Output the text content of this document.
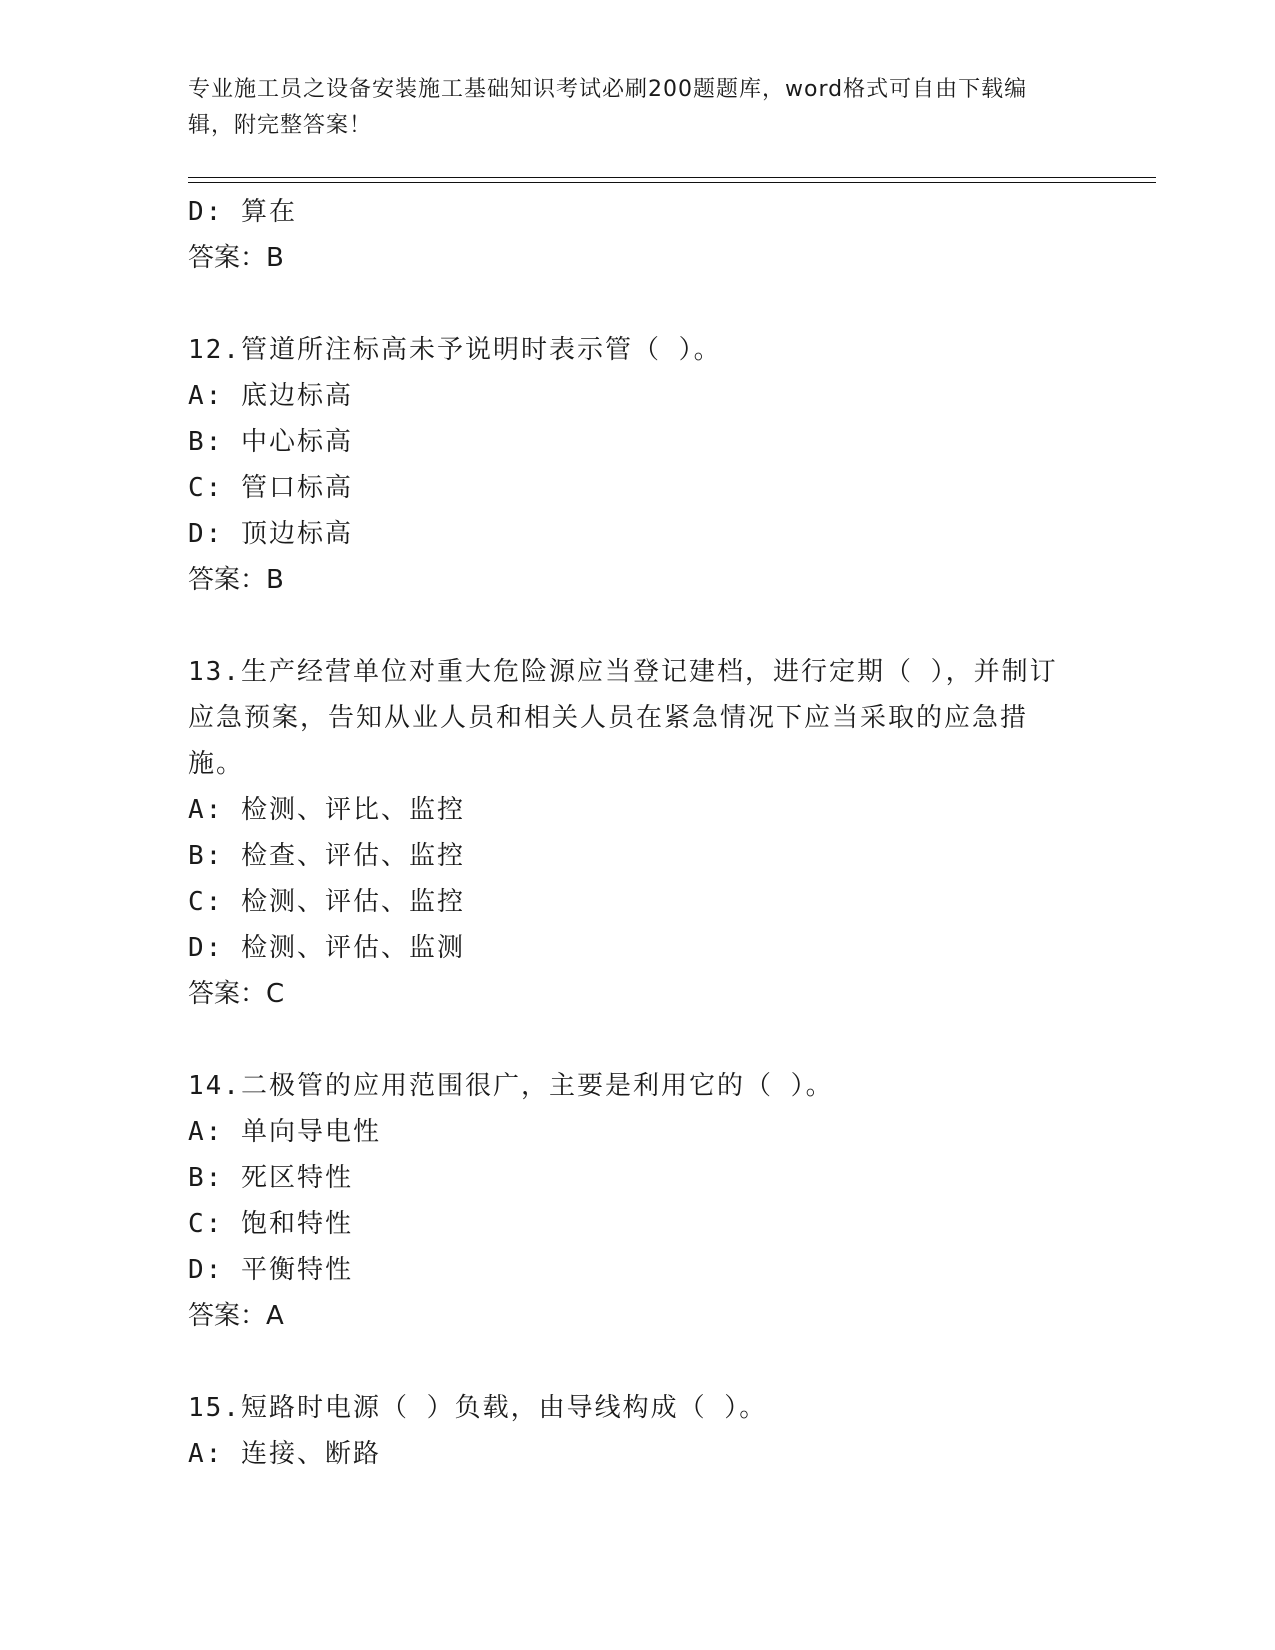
专业施工员之设备安装施工基础知识考试必刷200题题库，word格式可自由下载编辑，附完整答案！
D: 算在
答案：B
12.管道所注标高未予说明时表示管（ ）。
A: 底边标高
B: 中心标高
C: 管口标高
D: 顶边标高
答案：B
13.生产经营单位对重大危险源应当登记建档，进行定期（ ），并制订应急预案，告知从业人员和相关人员在紧急情况下应当采取的应急措施。
A: 检测、评比、监控
B: 检查、评估、监控
C: 检测、评估、监控
D: 检测、评估、监测
答案：C
14.二极管的应用范围很广，主要是利用它的（ ）。
A: 单向导电性
B: 死区特性
C: 饱和特性
D: 平衡特性
答案：A
15.短路时电源（ ）负载，由导线构成（ ）。
A: 连接、断路
